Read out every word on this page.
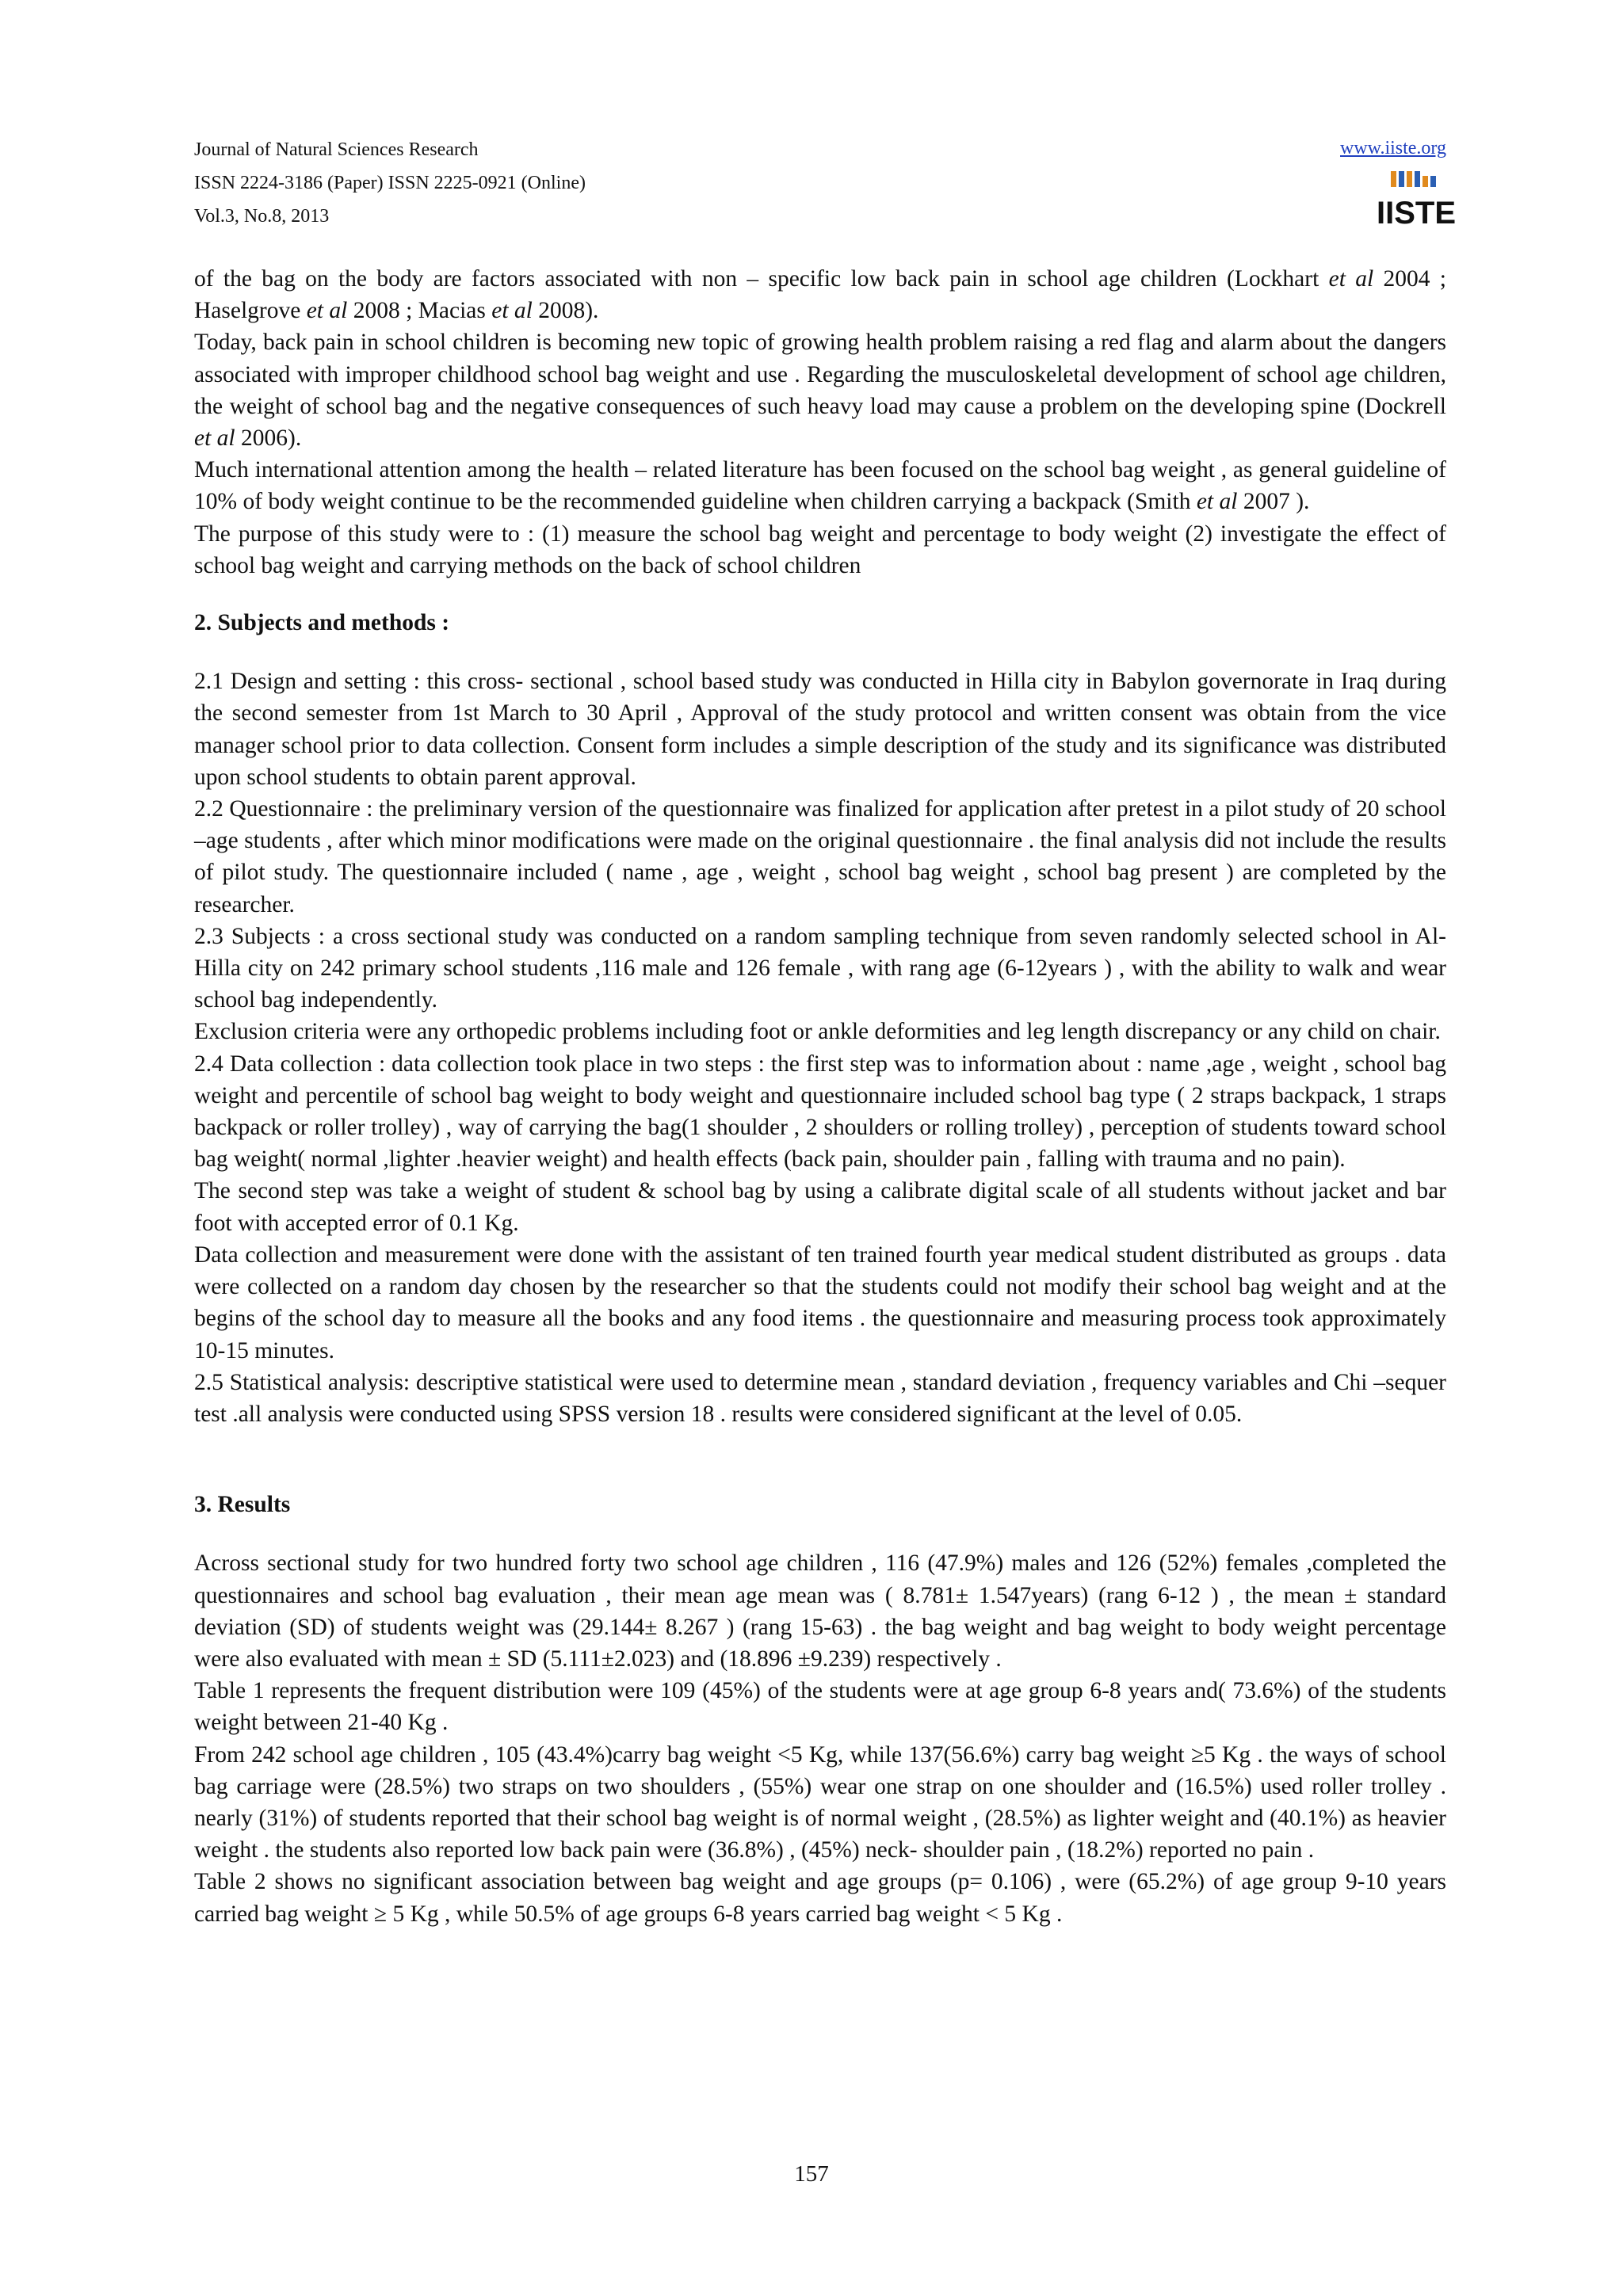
Journal of Natural Sciences Research
ISSN 2224-3186 (Paper) ISSN 2225-0921 (Online)
Vol.3, No.8, 2013
www.iiste.org
IISTE

of the bag on the body are factors associated with non – specific low back pain in school age children (Lockhart et al 2004 ; Haselgrove et al 2008 ; Macias et al 2008).

Today, back pain in school children is becoming new topic of growing health problem raising a red flag and alarm about the dangers associated with improper childhood school bag weight and use . Regarding the musculoskeletal development of school age children, the weight of school bag and the negative consequences of such heavy load may cause a problem on the developing spine (Dockrell et al 2006).

Much international attention among the health – related literature has been focused on the school bag weight , as general guideline of 10% of body weight continue to be the recommended guideline when children carrying a backpack (Smith et al 2007 ).

The purpose of this study were to : (1) measure the school bag weight and percentage to body weight (2) investigate the effect of school bag weight and carrying methods on the back of school children

2. Subjects and methods :

2.1 Design and setting : this cross- sectional , school based study was conducted in Hilla city in Babylon governorate in Iraq during the second semester from 1st March to 30 April , Approval of the study protocol and written consent was obtain from the vice manager school prior to data collection. Consent form includes a simple description of the study and its significance was distributed upon school students to obtain parent approval.

2.2 Questionnaire : the preliminary version of the questionnaire was finalized for application after pretest in a pilot study of 20 school –age students , after which minor modifications were made on the original questionnaire . the final analysis did not include the results of pilot study. The questionnaire included ( name , age , weight , school bag weight , school bag present ) are completed by the researcher.

2.3 Subjects : a cross sectional study was conducted on a random sampling technique from seven randomly selected school in Al- Hilla city on 242 primary school students ,116 male and 126 female , with rang age (6-12years ) , with the ability to walk and wear school bag independently.

Exclusion criteria were any orthopedic problems including foot or ankle deformities and leg length discrepancy or any child on chair.

2.4 Data collection : data collection took place in two steps : the first step was to information about : name ,age , weight , school bag weight and percentile of school bag weight to body weight and questionnaire included school bag type ( 2 straps backpack, 1 straps backpack or roller trolley) , way of carrying the bag(1 shoulder , 2 shoulders or rolling trolley) , perception of students toward school bag weight( normal ,lighter .heavier weight) and health effects (back pain, shoulder pain , falling with trauma and no pain).

The second step was take a weight of student & school bag by using a calibrate digital scale of all students without jacket and bar foot with accepted error of 0.1 Kg.

Data collection and measurement were done with the assistant of ten trained fourth year medical student distributed as groups . data were collected on a random day chosen by the researcher so that the students could not modify their school bag weight and at the begins of the school day to measure all the books and any food items . the questionnaire and measuring process took approximately 10-15 minutes.

2.5 Statistical analysis: descriptive statistical were used to determine mean , standard deviation , frequency variables and Chi –sequer test .all analysis were conducted using SPSS version 18 . results were considered significant at the level of 0.05.

3. Results

Across sectional study for two hundred forty two school age children , 116 (47.9%) males and 126 (52%) females ,completed the questionnaires and school bag evaluation , their mean age mean was ( 8.781± 1.547years) (rang 6-12 ) , the mean ± standard deviation (SD) of students weight was (29.144± 8.267 ) (rang 15-63) . the bag weight and bag weight to body weight percentage were also evaluated with mean ± SD (5.111±2.023) and (18.896 ±9.239) respectively .

Table 1 represents the frequent distribution were 109 (45%) of the students were at age group 6-8 years and( 73.6%) of the students weight between 21-40 Kg .

From 242 school age children , 105 (43.4%)carry bag weight <5 Kg, while 137(56.6%) carry bag weight ≥5 Kg . the ways of school bag carriage were (28.5%) two straps on two shoulders , (55%) wear one strap on one shoulder and (16.5%) used roller trolley . nearly (31%) of students reported that their school bag weight is of normal weight , (28.5%) as lighter weight and (40.1%) as heavier weight . the students also reported low back pain were (36.8%) , (45%) neck- shoulder pain , (18.2%) reported no pain .

Table 2 shows no significant association between bag weight and age groups (p= 0.106) , were (65.2%) of age group 9-10 years carried bag weight ≥ 5 Kg , while 50.5% of age groups 6-8 years carried bag weight < 5 Kg .

157
